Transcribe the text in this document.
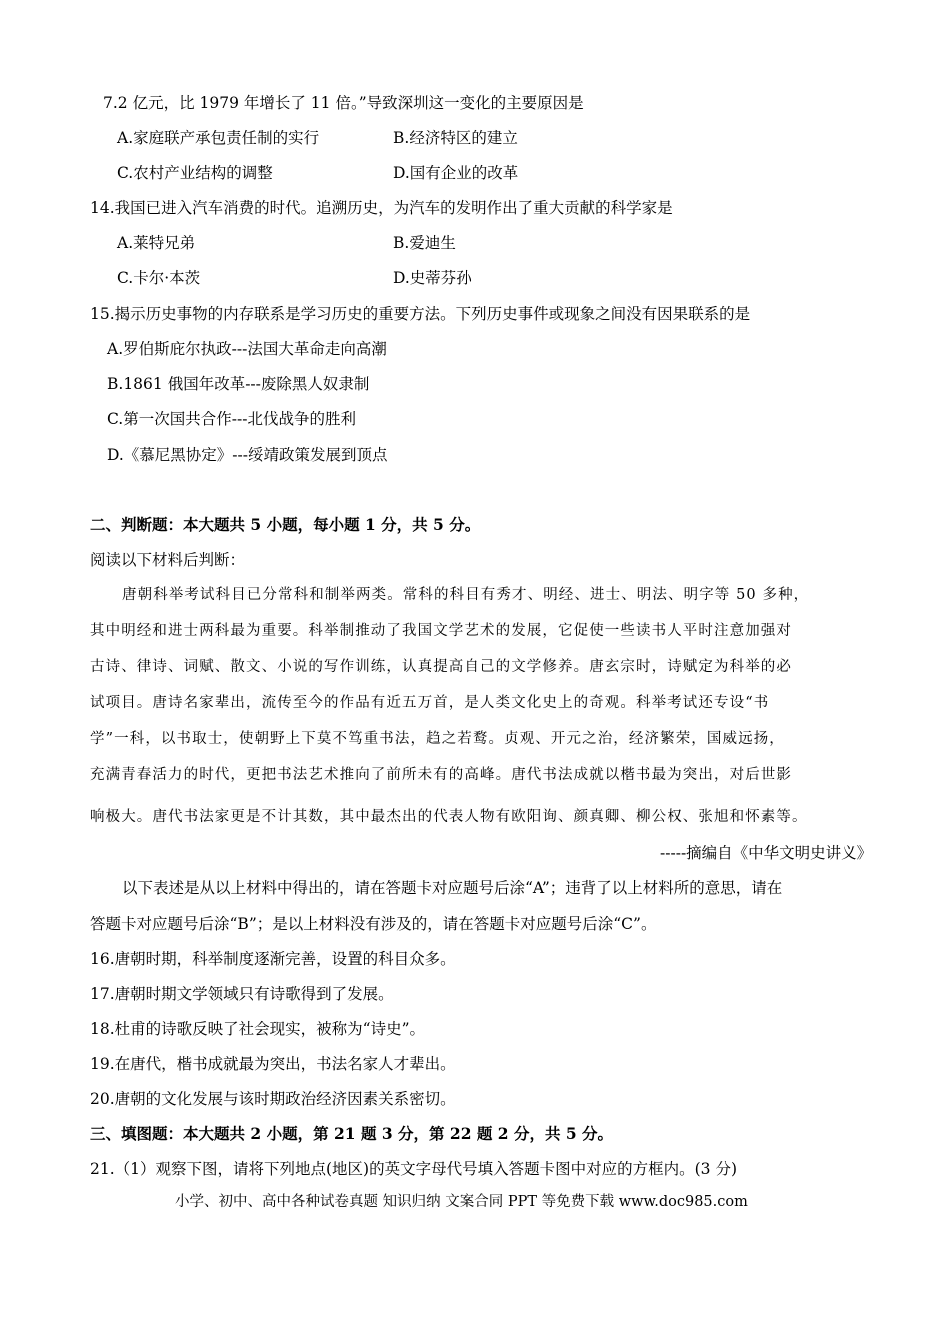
7.2 亿元，比 1979 年增长了 11 倍。”导致深圳这一变化的主要原因是
A.家庭联产承包责任制的实行	B.经济特区的建立
C.农村产业结构的调整	D.国有企业的改革
14.我国已进入汽车消费的时代。追溯历史，为汽车的发明作出了重大贡献的科学家是
A.莱特兄弟	B.爱迪生
C.卡尔·本茨	D.史蒂芬孙
15.揭示历史事物的内存联系是学习历史的重要方法。下列历史事件或现象之间没有因果联系的是
A.罗伯斯庇尔执政---法国大革命走向高潮
B.1861 俄国年改革---废除黑人奴隶制
C.第一次国共合作---北伐战争的胜利
D.《慕尼黑协定》---绥靖政策发展到顶点
二、判断题：本大题共 5 小题，每小题 1 分，共 5 分。
阅读以下材料后判断：
唐朝科举考试科目已分常科和制举两类。常科的科目有秀才、明经、进士、明法、明字等 50 多种，
其中明经和进士两科最为重要。科举制推动了我国文学艺术的发展，它促使一些读书人平时注意加强对
古诗、律诗、词赋、散文、小说的写作训练，认真提高自己的文学修养。唐玄宗时，诗赋定为科举的必
试项目。唐诗名家辈出，流传至今的作品有近五万首，是人类文化史上的奇观。科举考试还专设“书
学”一科，以书取士，使朝野上下莫不笃重书法，趋之若鹜。贞观、开元之治，经济繁荣，国威远扬，
充满青春活力的时代，更把书法艺术推向了前所未有的高峰。唐代书法成就以楷书最为突出，对后世影
响极大。唐代书法家更是不计其数，其中最杰出的代表人物有欧阳询、颜真卿、柳公权、张旭和怀素等。
-----摘编自《中华文明史讲义》
以下表述是从以上材料中得出的，请在答题卡对应题号后涂“A”；违背了以上材料所的意思，请在
答题卡对应题号后涂“B”；是以上材料没有涉及的，请在答题卡对应题号后涂“C”。
16.唐朝时期，科举制度逐渐完善，设置的科目众多。
17.唐朝时期文学领域只有诗歌得到了发展。
18.杜甫的诗歌反映了社会现实，被称为“诗史”。
19.在唐代，楷书成就最为突出，书法名家人才辈出。
20.唐朝的文化发展与该时期政治经济因素关系密切。
三、填图题：本大题共 2 小题，第 21 题 3 分，第 22 题 2 分，共 5 分。
21.（1）观察下图，请将下列地点(地区)的英文字母代号填入答题卡图中对应的方框内。(3 分)
小学、初中、高中各种试卷真题 知识归纳 文案合同 PPT 等免费下载 www.doc985.com
